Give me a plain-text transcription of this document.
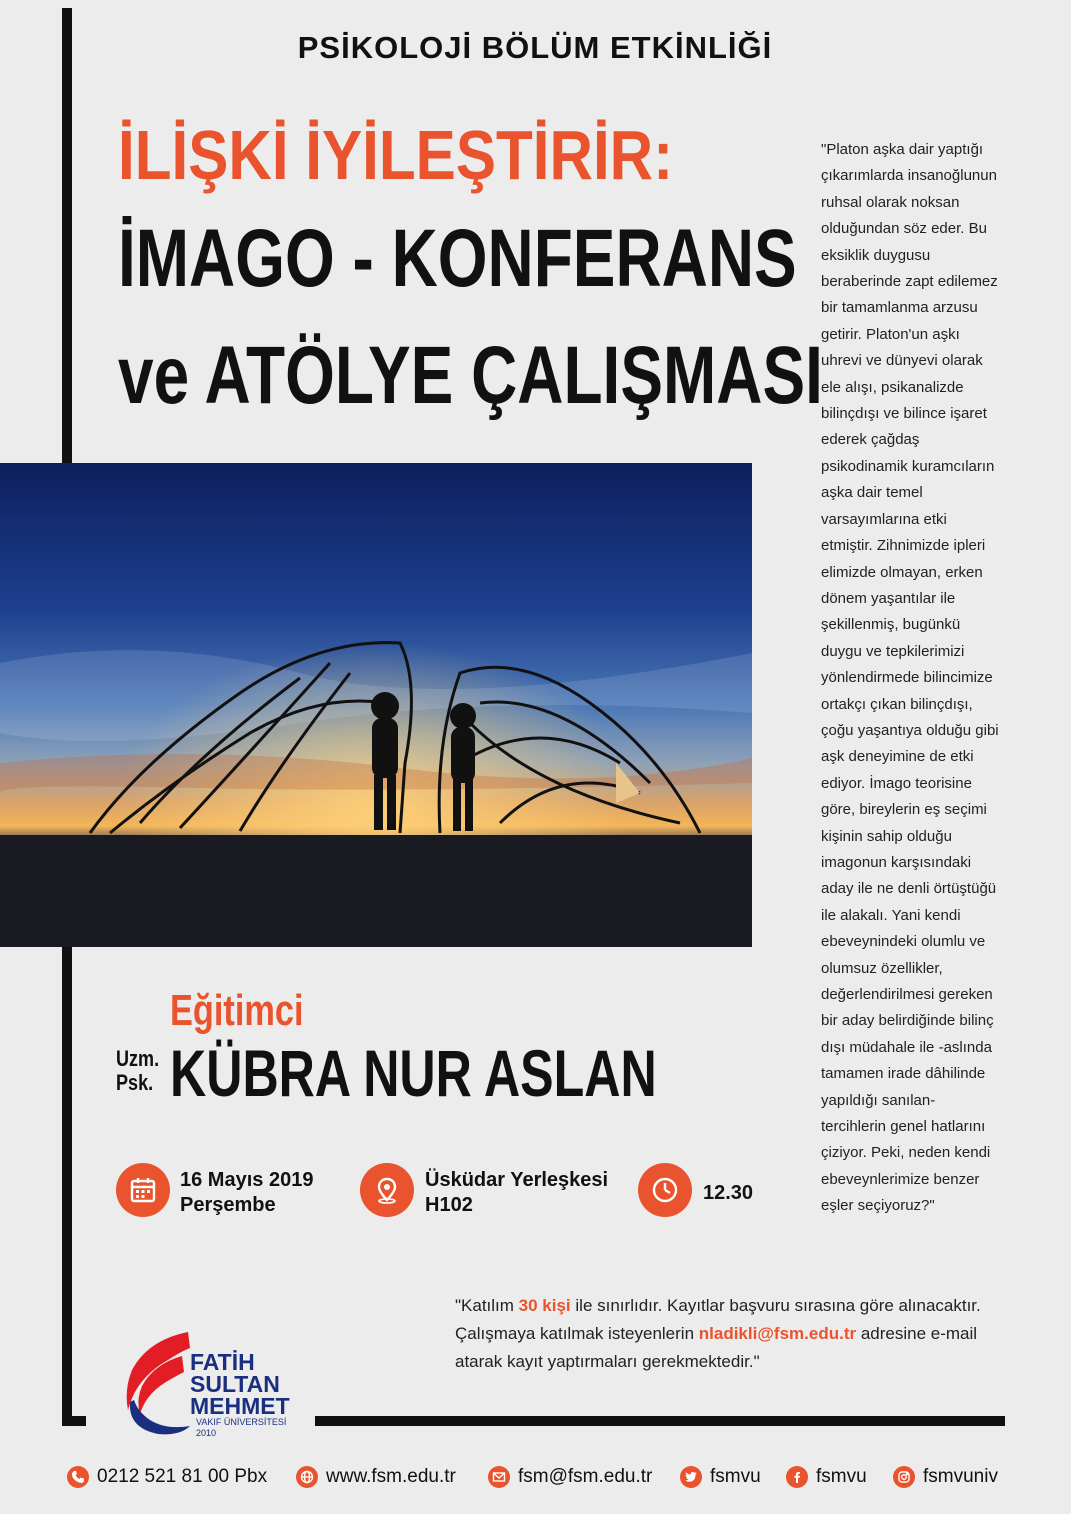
PSİKOLOJİ BÖLÜM ETKİNLİĞİ
İLİŞKİ İYİLEŞTİRİR:
İMAGO - KONFERANS
ve ATÖLYE ÇALIŞMASI
"Platon aşka dair yaptığı
çıkarımlarda insanoğlunun
ruhsal olarak noksan
olduğundan söz eder. Bu
eksiklik duygusu
beraberinde zapt edilemez
bir tamamlanma arzusu
getirir. Platon'un aşkı
uhrevi ve dünyevi olarak
ele alışı, psikanalizde
bilinçdışı ve bilince işaret
ederek çağdaş
psikodinamik kuramcıların
aşka dair temel
varsayımlarına etki
etmiştir. Zihnimizde ipleri
elimizde olmayan, erken
dönem yaşantılar ile
şekillenmiş, bugünkü
duygu ve tepkilerimizi
yönlendirmede bilincimize
ortakçı çıkan bilinçdışı,
çoğu yaşantıya olduğu gibi
aşk deneyimine de etki
ediyor. İmago teorisine
göre, bireylerin eş seçimi
kişinin sahip olduğu
imagonun karşısındaki
aday ile ne denli örtüştüğü
ile alakalı. Yani kendi
ebeveynindeki olumlu ve
olumsuz özellikler,
değerlendirilmesi gereken
bir aday belirdiğinde bilinç
dışı müdahale ile -aslında
tamamen irade dâhilinde
yapıldığı sanılan-
tercihlerin genel hatlarını
çiziyor. Peki, neden kendi
ebeveynlerimize benzer
eşler seçiyoruz?"
Eğitimci
Uzm.
Psk. KÜBRA NUR ASLAN
16 Mayıs 2019
Perşembe
Üsküdar Yerleşkesi
H102
12.30
"Katılım 30 kişi ile sınırlıdır. Kayıtlar başvuru sırasına göre alınacaktır. Çalışmaya katılmak isteyenlerin nladikli@fsm.edu.tr adresine e-mail atarak kayıt yaptırmaları gerekmektedir."
FATİH
SULTAN
MEHMET
VAKIF ÜNİVERSİTESİ
2010
0212 521 81 00 Pbx	www.fsm.edu.tr	fsm@fsm.edu.tr	fsmvu	fsmvu	fsmvuniv
